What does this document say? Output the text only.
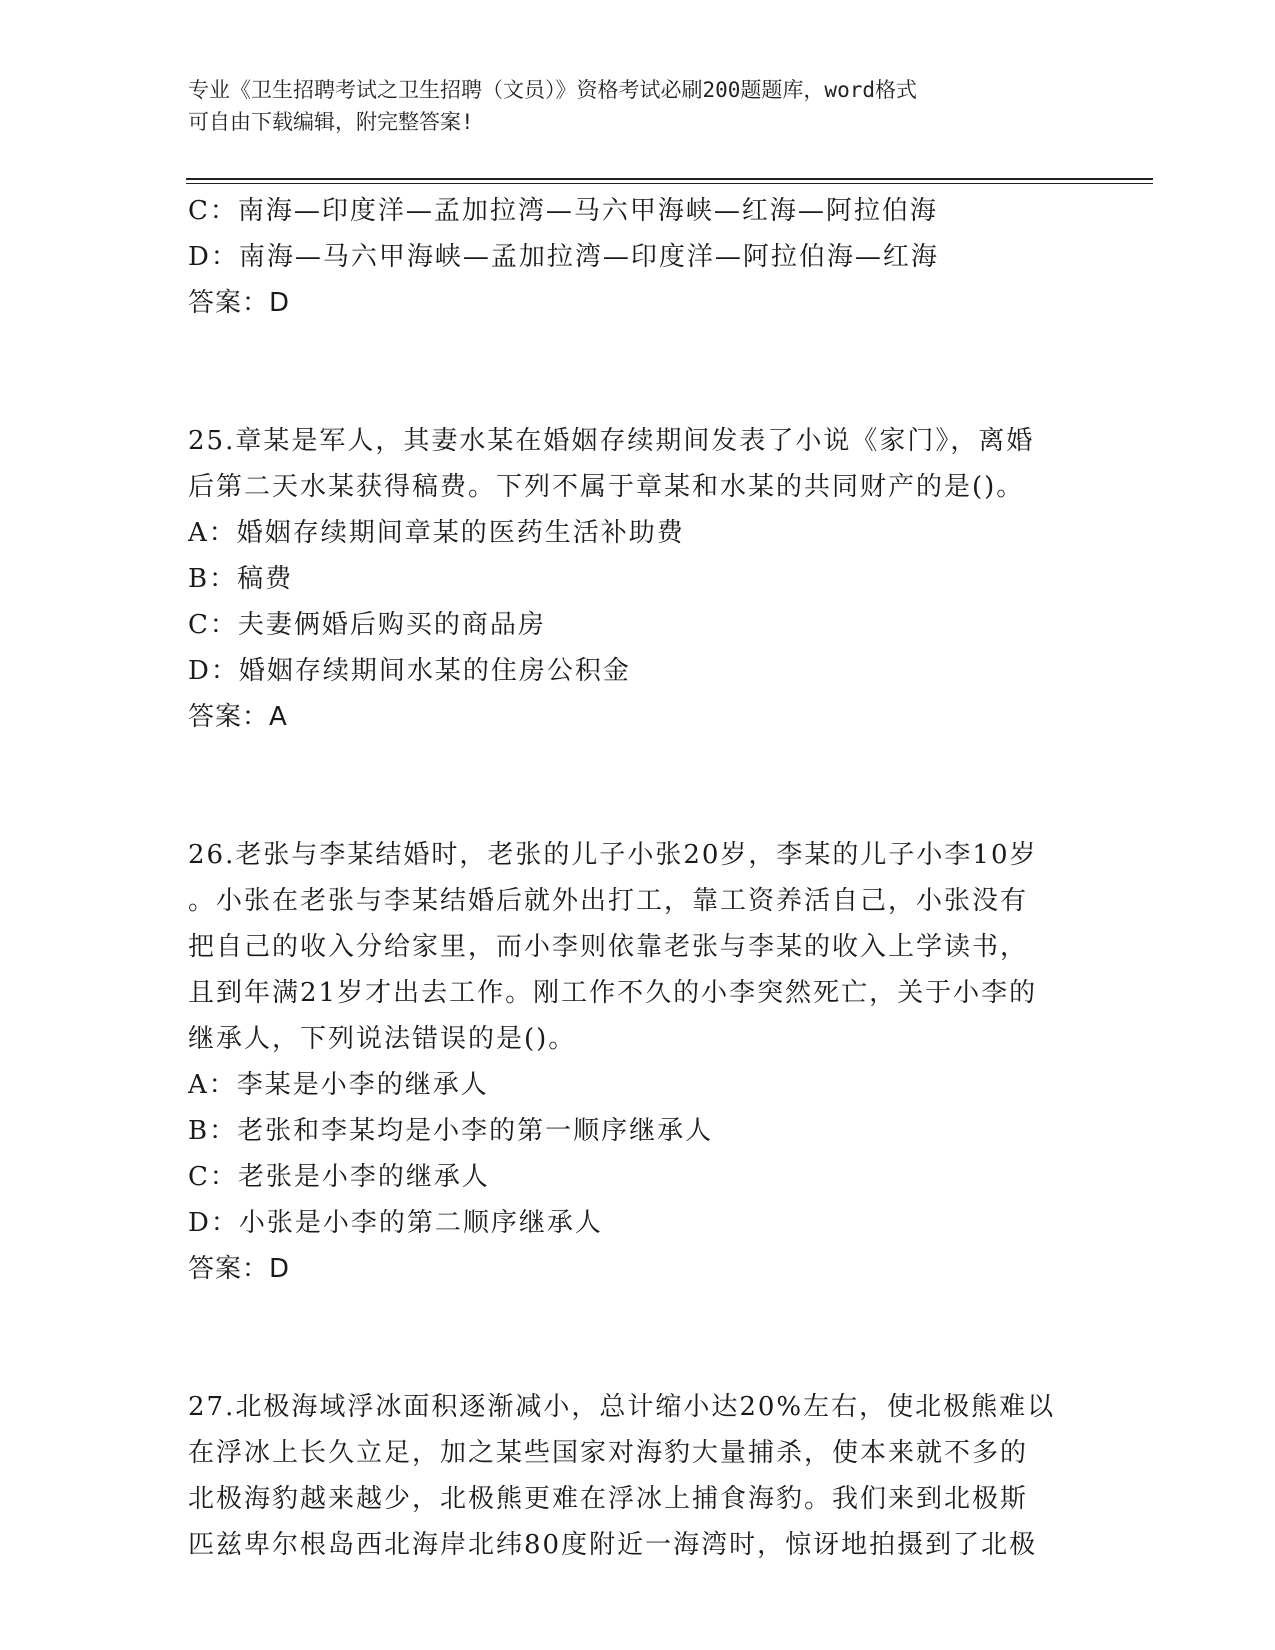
专业《卫生招聘考试之卫生招聘（文员）》资格考试必刷200题题库，word格式
可自由下载编辑，附完整答案!
C：南海—印度洋—孟加拉湾—马六甲海峡—红海—阿拉伯海
D：南海—马六甲海峡—孟加拉湾—印度洋—阿拉伯海—红海
答案：D
25.章某是军人，其妻水某在婚姻存续期间发表了小说《家门》，离婚
后第二天水某获得稿费。下列不属于章某和水某的共同财产的是()。
A：婚姻存续期间章某的医药生活补助费
B：稿费
C：夫妻俩婚后购买的商品房
D：婚姻存续期间水某的住房公积金
答案：A
26.老张与李某结婚时，老张的儿子小张20岁，李某的儿子小李10岁
。小张在老张与李某结婚后就外出打工，靠工资养活自己，小张没有
把自己的收入分给家里，而小李则依靠老张与李某的收入上学读书，
且到年满21岁才出去工作。刚工作不久的小李突然死亡，关于小李的
继承人，下列说法错误的是()。
A：李某是小李的继承人
B：老张和李某均是小李的第一顺序继承人
C：老张是小李的继承人
D：小张是小李的第二顺序继承人
答案：D
27.北极海域浮冰面积逐渐减小，总计缩小达20%左右，使北极熊难以
在浮冰上长久立足，加之某些国家对海豹大量捕杀，使本来就不多的
北极海豹越来越少，北极熊更难在浮冰上捕食海豹。我们来到北极斯
匹兹卑尔根岛西北海岸北纬80度附近一海湾时，惊讶地拍摄到了北极
